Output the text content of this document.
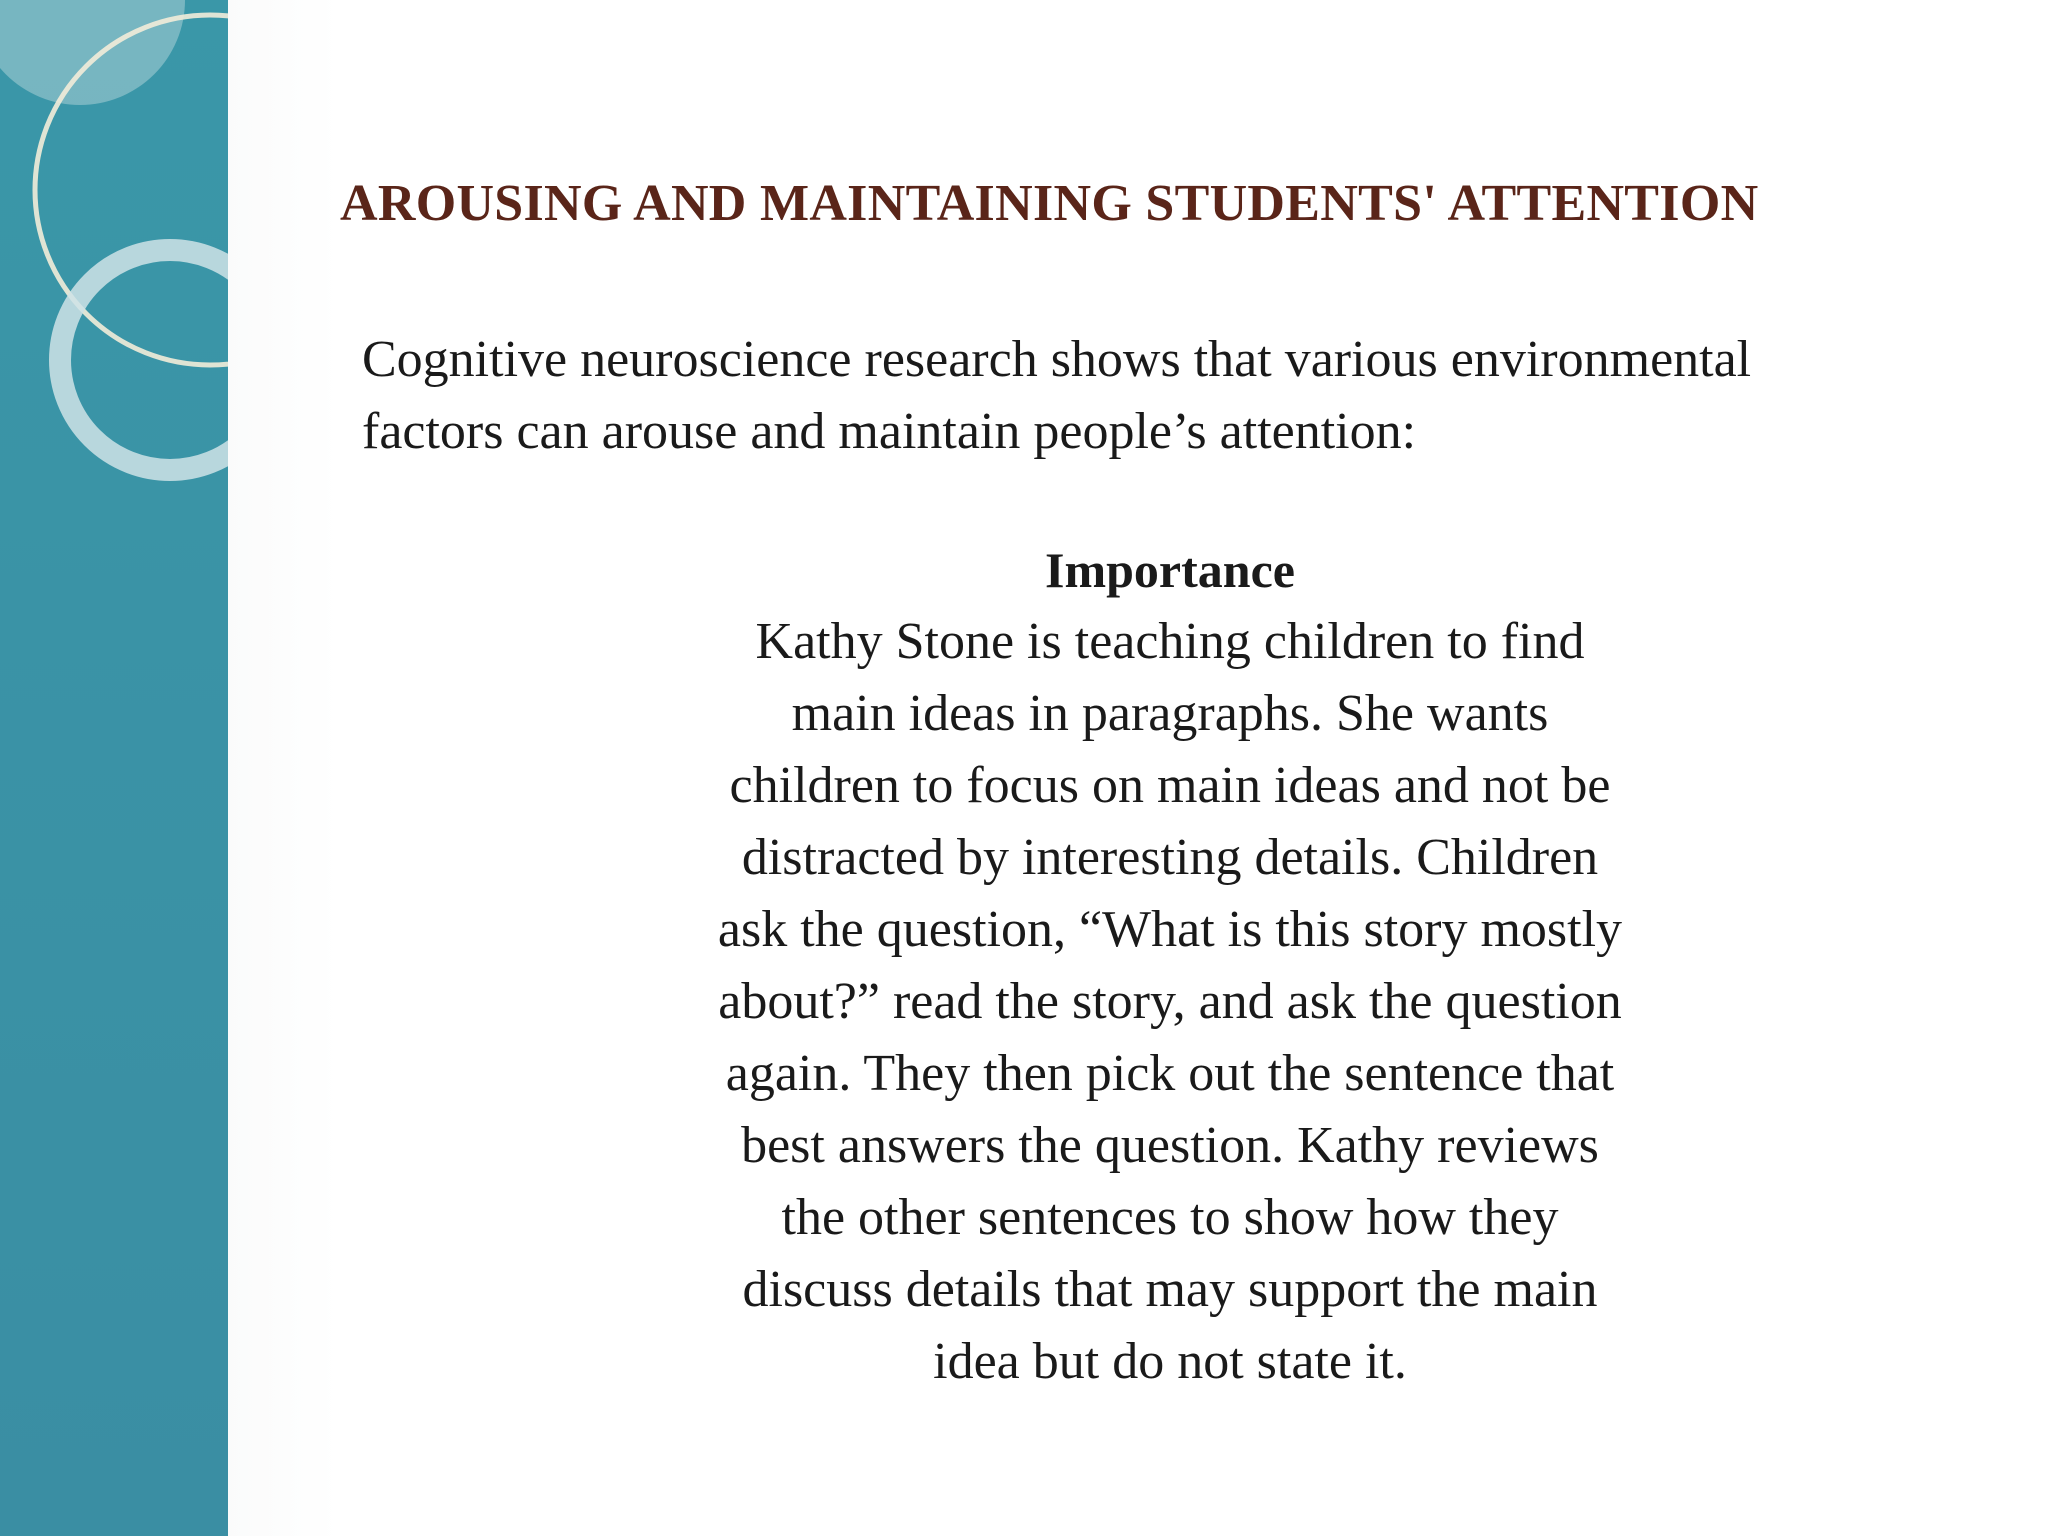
AROUSING AND MAINTAINING STUDENTS' ATTENTION
Cognitive neuroscience research shows that various environmental
factors can arouse and maintain people’s attention:

Importance

Kathy Stone is teaching children to find

main ideas in paragraphs. She wants

children to focus on main ideas and not be

distracted by interesting details. Children

ask the question, “What is this story mostly

about?” read the story, and ask the question

again. They then pick out the sentence that

best answers the question. Kathy reviews

the other sentences to show how they

discuss details that may support the main

idea but do not state it.
